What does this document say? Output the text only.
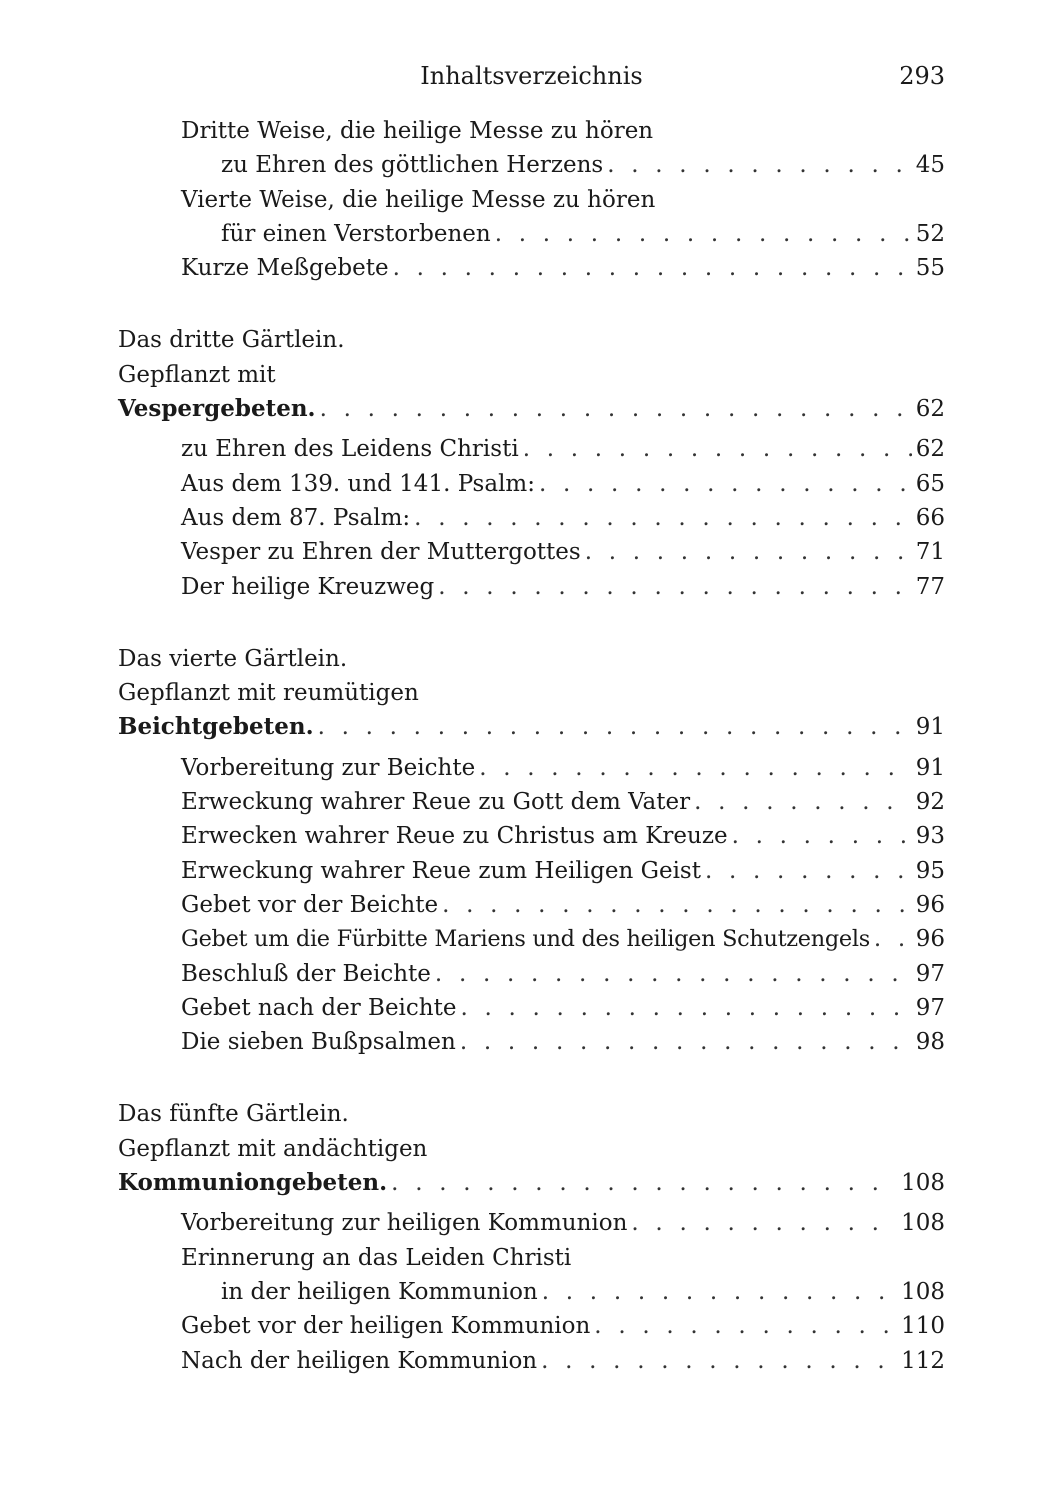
Inhaltsverzeichnis	293
Dritte Weise, die heilige Messe zu hören
zu Ehren des göttlichen Herzens . . .	45
Vierte Weise, die heilige Messe zu hören
für einen Verstorbenen . . .	52
Kurze Meßgebete . . .	55
Das dritte Gärtlein.
Gepflanzt mit
Vespergebeten. . . .	62
zu Ehren des Leidens Christi . . .	62
Aus dem 139. und 141. Psalm: . . .	65
Aus dem 87. Psalm: . . .	66
Vesper zu Ehren der Muttergottes . . .	71
Der heilige Kreuzweg . . .	77
Das vierte Gärtlein.
Gepflanzt mit reumütigen
Beichtgebeten. . . .	91
Vorbereitung zur Beichte . . .	91
Erweckung wahrer Reue zu Gott dem Vater . . .	92
Erwecken wahrer Reue zu Christus am Kreuze . . .	93
Erweckung wahrer Reue zum Heiligen Geist . . .	95
Gebet vor der Beichte . . .	96
Gebet um die Fürbitte Mariens und des heiligen Schutzengels . . . 96
Beschluß der Beichte . . .	97
Gebet nach der Beichte . . .	97
Die sieben Bußpsalmen . . .	98
Das fünfte Gärtlein.
Gepflanzt mit andächtigen
Kommuniongebeten. . . .	108
Vorbereitung zur heiligen Kommunion . . .	108
Erinnerung an das Leiden Christi
in der heiligen Kommunion . . .	108
Gebet vor der heiligen Kommunion . . .	110
Nach der heiligen Kommunion . . .	112
